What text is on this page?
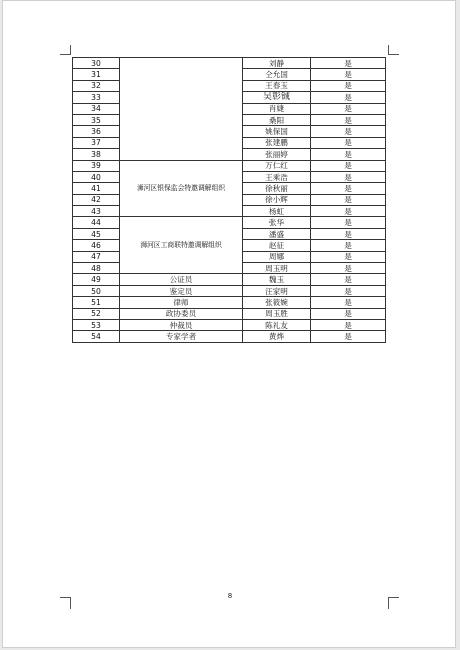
30		刘静	是
31		仝允国	是
32		王春玉	是
33		吴彰铖	是
34		肖婕	是
35		桑阳	是
36		姚保国	是
37		张建鹏	是
38		张丽婷	是
39	浉河区银保监会特邀调解组织	万仁红	是
40		王乘浩	是
41		徐秋丽	是
42		徐小辉	是
43		杨虹	是
44	浉河区工商联特邀调解组织	张华	是
45		潘盛	是
46		赵征	是
47		周娜	是
48		周玉明	是
49	公证员	魏玉	是
50	鉴定员	汪家明	是
51	律师	张筱婉	是
52	政协委员	周玉胜	是
53	仲裁员	陈礼友	是
54	专家学者	黄烨	是
8
